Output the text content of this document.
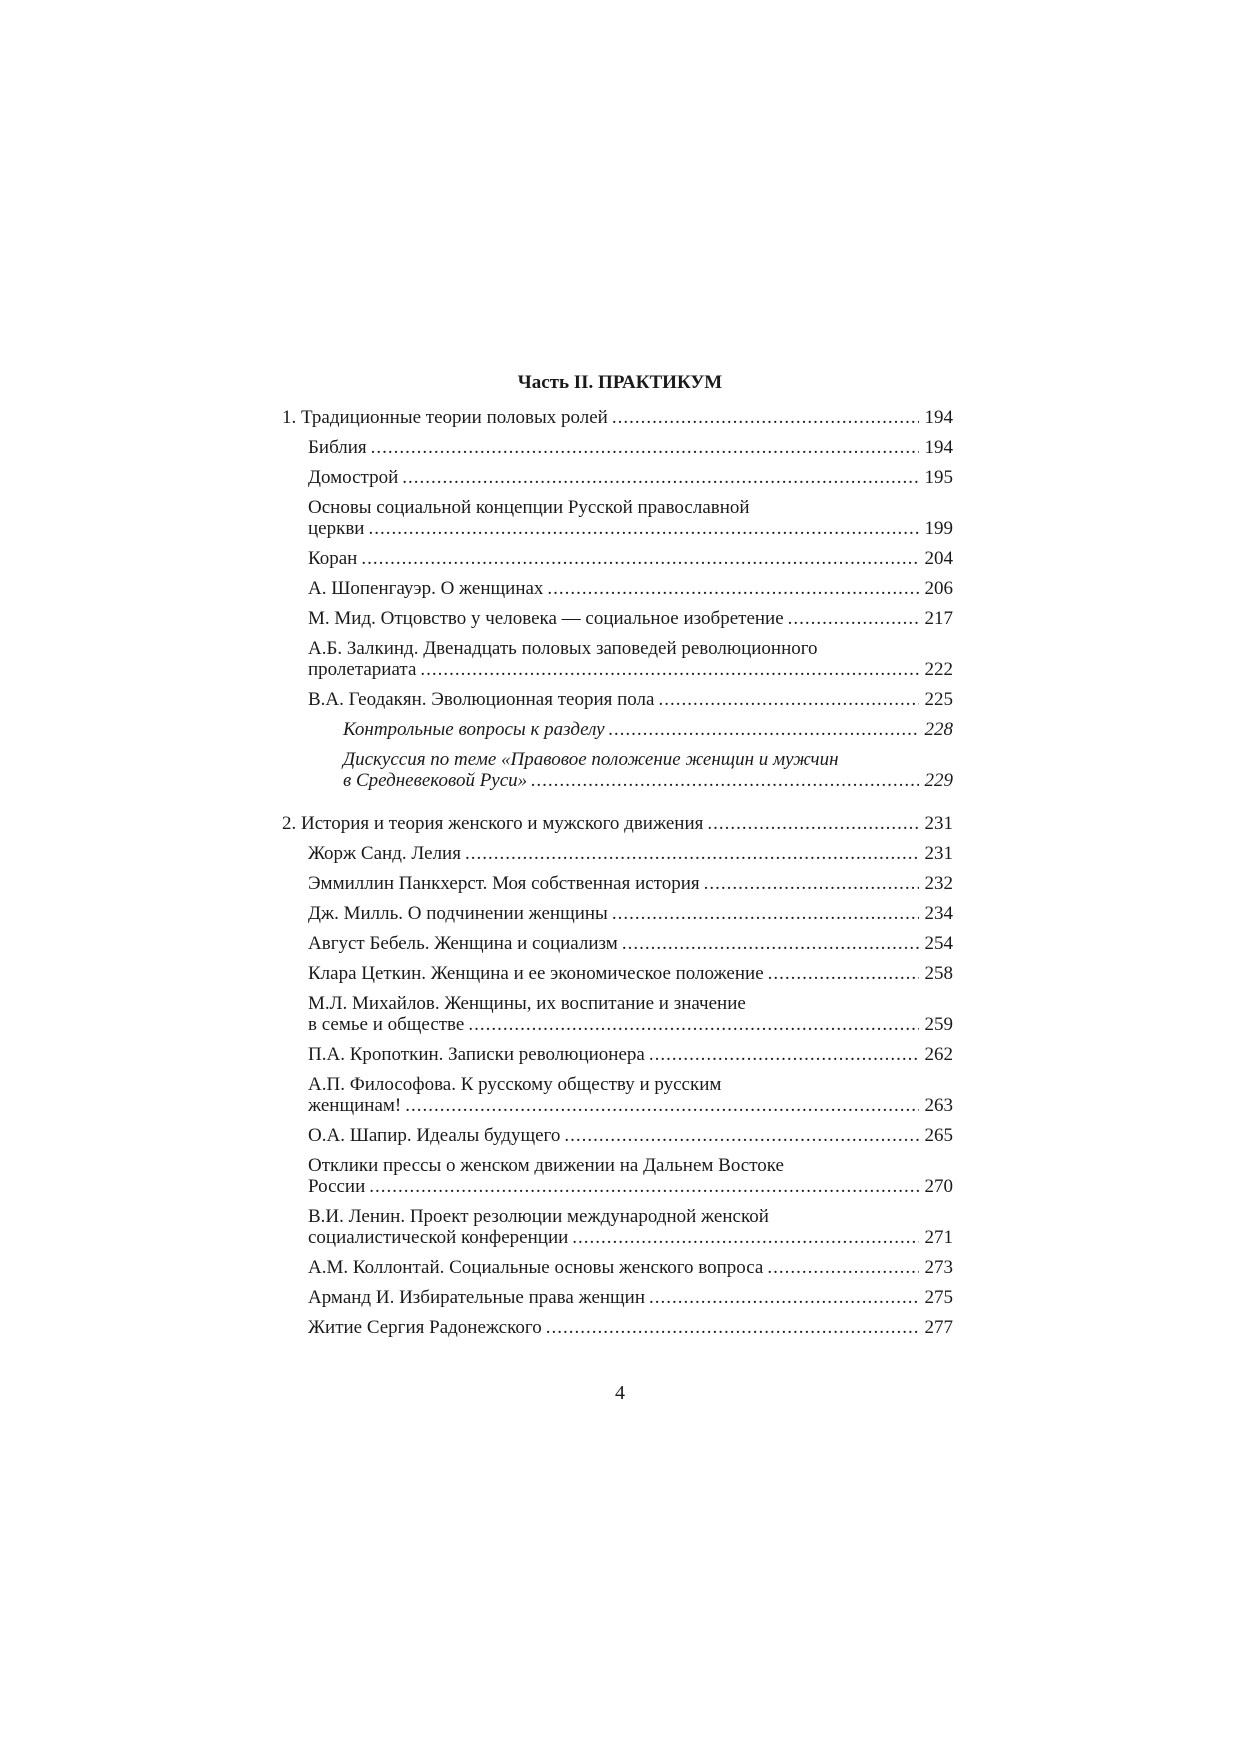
Часть II. ПРАКТИКУМ
1. Традиционные теории половых ролей .....	194
Библия .....	194
Домострой .....	195
Основы социальной концепции Русской православной
церкви .....	199
Коран .....	204
А. Шопенгауэр. О женщинах .....	206
М. Мид. Отцовство у человека — социальное изобретение .....	217
А.Б. Залкинд. Двенадцать половых заповедей революционного
пролетариата .....	222
В.А. Геодакян. Эволюционная теория пола .....	225
Контрольные вопросы к разделу .....	228
Дискуссия по теме «Правовое положение женщин и мужчин
в Средневековой Руси» .....	229
2. История и теория женского и мужского движения .....	231
Жорж Санд. Лелия .....	231
Эммиллин Панкхерст. Моя собственная история .....	232
Дж. Милль. О подчинении женщины .....	234
Август Бебель. Женщина и социализм .....	254
Клара Цеткин. Женщина и ее экономическое положение .....	258
М.Л. Михайлов. Женщины, их воспитание и значение
в семье и обществе .....	259
П.А. Кропоткин. Записки революционера .....	262
А.П. Философова. К русскому обществу и русским
женщинам! .....	263
О.А. Шапир. Идеалы будущего .....	265
Отклики прессы о женском движении на Дальнем Востоке
России .....	270
В.И. Ленин. Проект резолюции международной женской
социалистической конференции .....	271
А.М. Коллонтай. Социальные основы женского вопроса .....	273
Арманд И. Избирательные права женщин .....	275
Житие Сергия Радонежского .....	277
4
